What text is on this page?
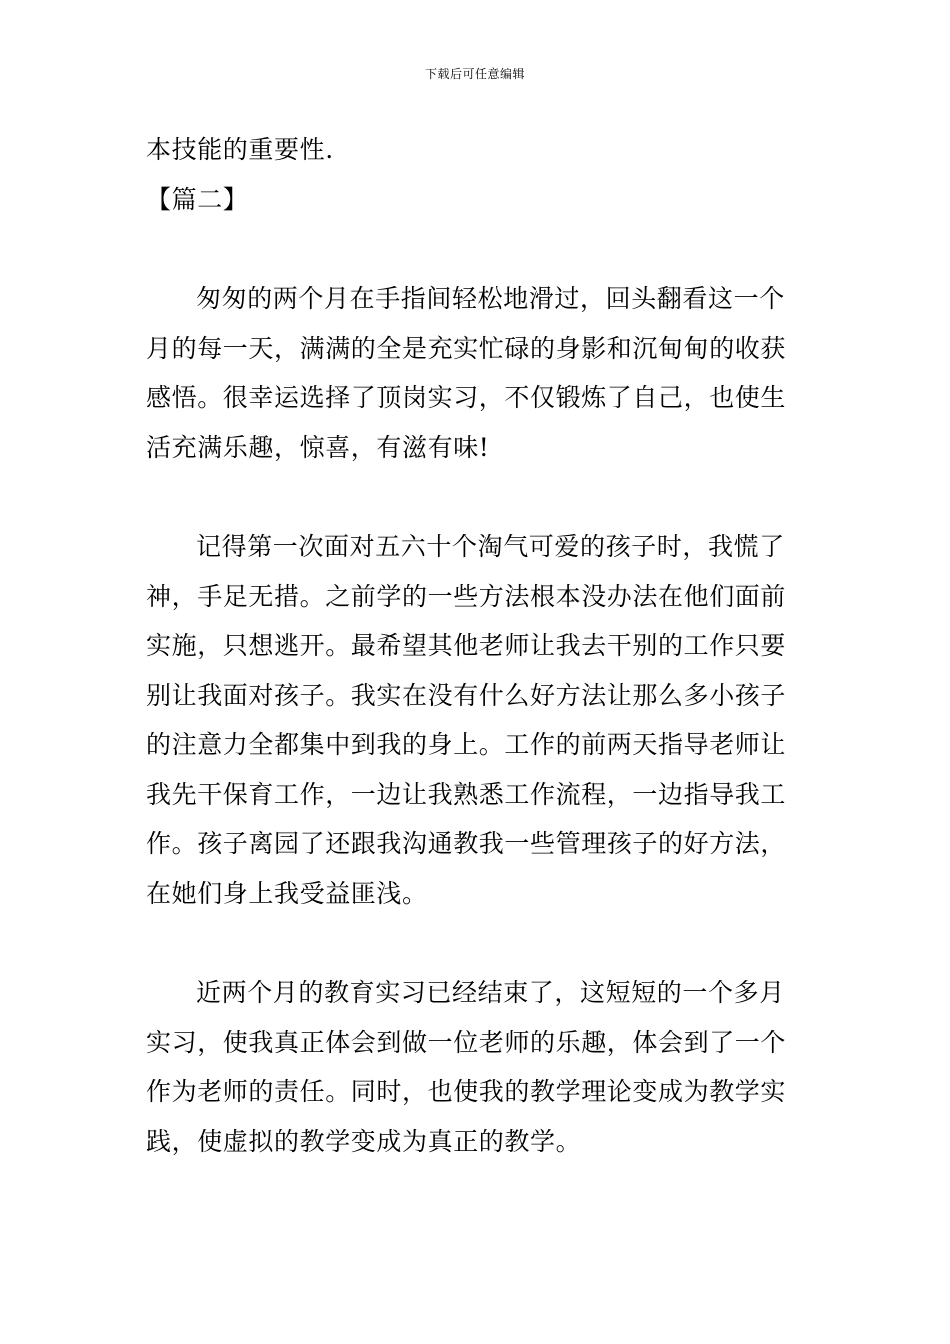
下载后可任意编辑
本技能的重要性.
【篇二】
匆匆的两个月在手指间轻松地滑过，回头翻看这一个
月的每一天，满满的全是充实忙碌的身影和沉甸甸的收获
感悟。很幸运选择了顶岗实习，不仅锻炼了自己，也使生
活充满乐趣，惊喜，有滋有味!
记得第一次面对五六十个淘气可爱的孩子时，我慌了
神，手足无措。之前学的一些方法根本没办法在他们面前
实施，只想逃开。最希望其他老师让我去干别的工作只要
别让我面对孩子。我实在没有什么好方法让那么多小孩子
的注意力全都集中到我的身上。工作的前两天指导老师让
我先干保育工作，一边让我熟悉工作流程，一边指导我工
作。孩子离园了还跟我沟通教我一些管理孩子的好方法，
在她们身上我受益匪浅。
近两个月的教育实习已经结束了，这短短的一个多月
实习，使我真正体会到做一位老师的乐趣，体会到了一个
作为老师的责任。同时，也使我的教学理论变成为教学实
践，使虚拟的教学变成为真正的教学。
